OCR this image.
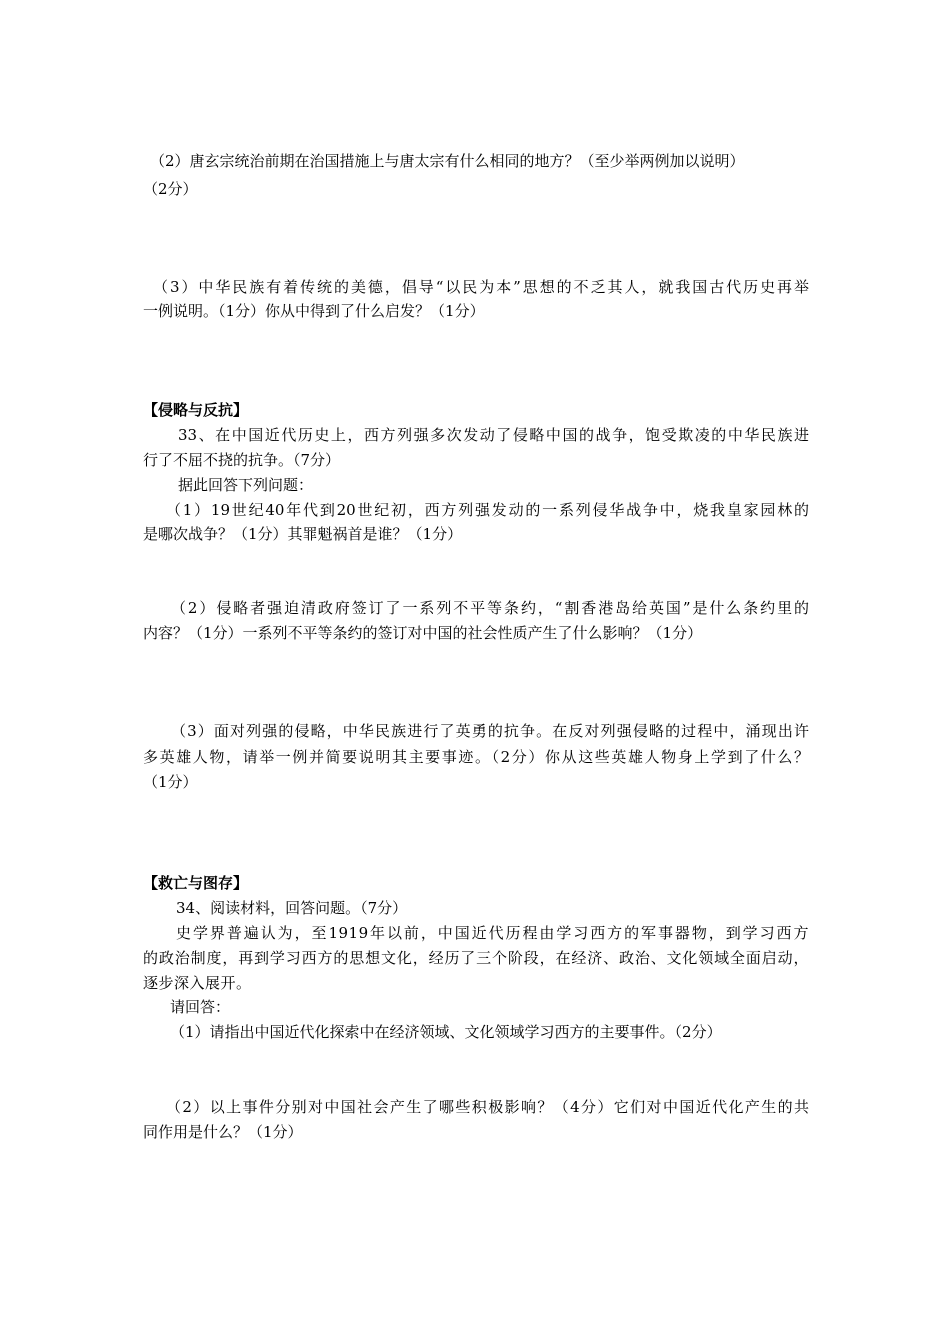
（2）唐玄宗统治前期在治国措施上与唐太宗有什么相同的地方？（至少举两例加以说明）
（2分）
（3）中华民族有着传统的美德，倡导“以民为本”思想的不乏其人，就我国古代历史再举
一例说明。（1分）你从中得到了什么启发？（1分）
【侵略与反抗】
33、在中国近代历史上，西方列强多次发动了侵略中国的战争，饱受欺凌的中华民族进
行了不屈不挠的抗争。（7分）
据此回答下列问题：
（1）19世纪40年代到20世纪初，西方列强发动的一系列侵华战争中，烧我皇家园林的
是哪次战争？（1分）其罪魁祸首是谁？（1分）
（2）侵略者强迫清政府签订了一系列不平等条约，“割香港岛给英国”是什么条约里的
内容？（1分）一系列不平等条约的签订对中国的社会性质产生了什么影响？（1分）
（3）面对列强的侵略，中华民族进行了英勇的抗争。在反对列强侵略的过程中，涌现出许
多英雄人物，请举一例并简要说明其主要事迹。（2分）你从这些英雄人物身上学到了什么？
（1分）
【救亡与图存】
34、阅读材料，回答问题。（7分）
史学界普遍认为，至1919年以前，中国近代历程由学习西方的军事器物，到学习西方
的政治制度，再到学习西方的思想文化，经历了三个阶段，在经济、政治、文化领域全面启动，
逐步深入展开。
请回答：
（1）请指出中国近代化探索中在经济领域、文化领域学习西方的主要事件。（2分）
（2）以上事件分别对中国社会产生了哪些积极影响？（4分）它们对中国近代化产生的共
同作用是什么？（1分）
